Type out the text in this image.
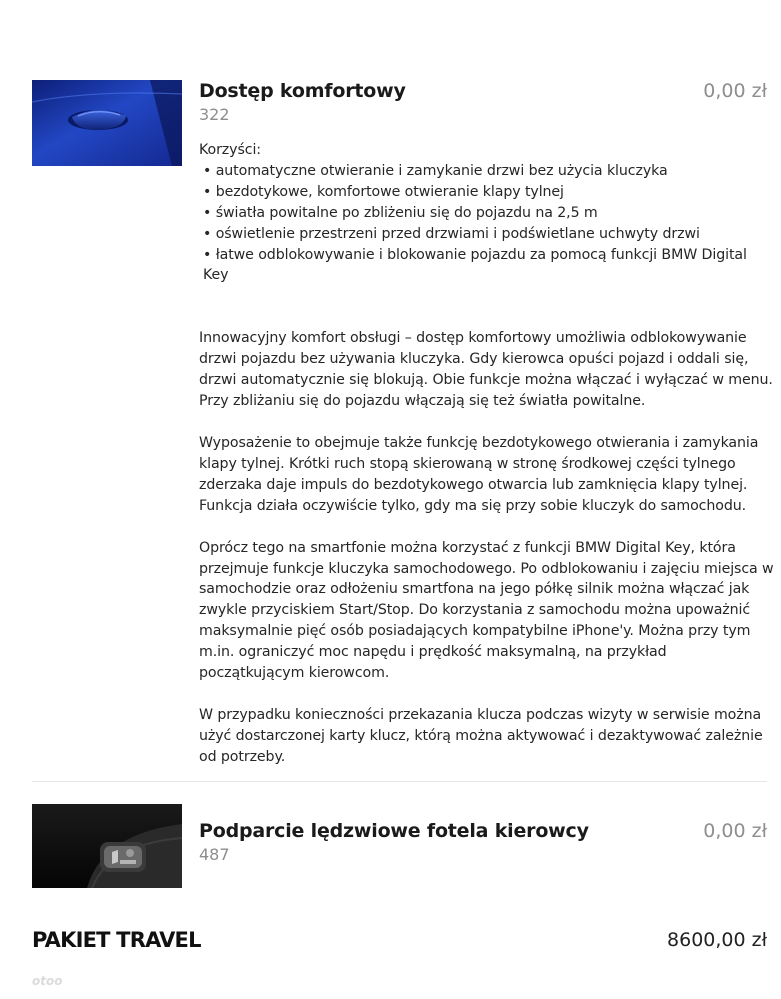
Dostęp komfortowy
322
0,00 zł

Korzyści:

• automatyczne otwieranie i zamykanie drzwi bez użycia kluczyka
• bezdotykowe, komfortowe otwieranie klapy tylnej
• światła powitalne po zbliżeniu się do pojazdu na 2,5 m
• oświetlenie przestrzeni przed drzwiami i podświetlane uchwyty drzwi
• łatwe odblokowywanie i blokowanie pojazdu za pomocą funkcji BMW Digital Key

Innowacyjny komfort obsługi – dostęp komfortowy umożliwia odblokowywanie drzwi pojazdu bez używania kluczyka. Gdy kierowca opuści pojazd i oddali się, drzwi automatycznie się blokują. Obie funkcje można włączać i wyłączać w menu. Przy zbliżaniu się do pojazdu włączają się też światła powitalne.

Wyposażenie to obejmuje także funkcję bezdotykowego otwierania i zamykania klapy tylnej. Krótki ruch stopą skierowaną w stronę środkowej części tylnego zderzaka daje impuls do bezdotykowego otwarcia lub zamknięcia klapy tylnej. Funkcja działa oczywiście tylko, gdy ma się przy sobie kluczyk do samochodu.

Oprócz tego na smartfonie można korzystać z funkcji BMW Digital Key, która przejmuje funkcje kluczyka samochodowego. Po odblokowaniu i zajęciu miejsca w samochodzie oraz odłożeniu smartfona na jego półkę silnik można włączać jak zwykle przyciskiem Start/Stop. Do korzystania z samochodu można upoważnić maksymalnie pięć osób posiadających kompatybilne iPhone'y. Można przy tym m.in. ograniczyć moc napędu i prędkość maksymalną, na przykład początkującym kierowcom.

W przypadku konieczności przekazania klucza podczas wizyty w serwisie można użyć dostarczonej karty klucz, którą można aktywować i dezaktywować zależnie od potrzeby.

Podparcie lędzwiowe fotela kierowcy
487
0,00 zł
PAKIET TRAVEL	8600,00 zł
otoo
